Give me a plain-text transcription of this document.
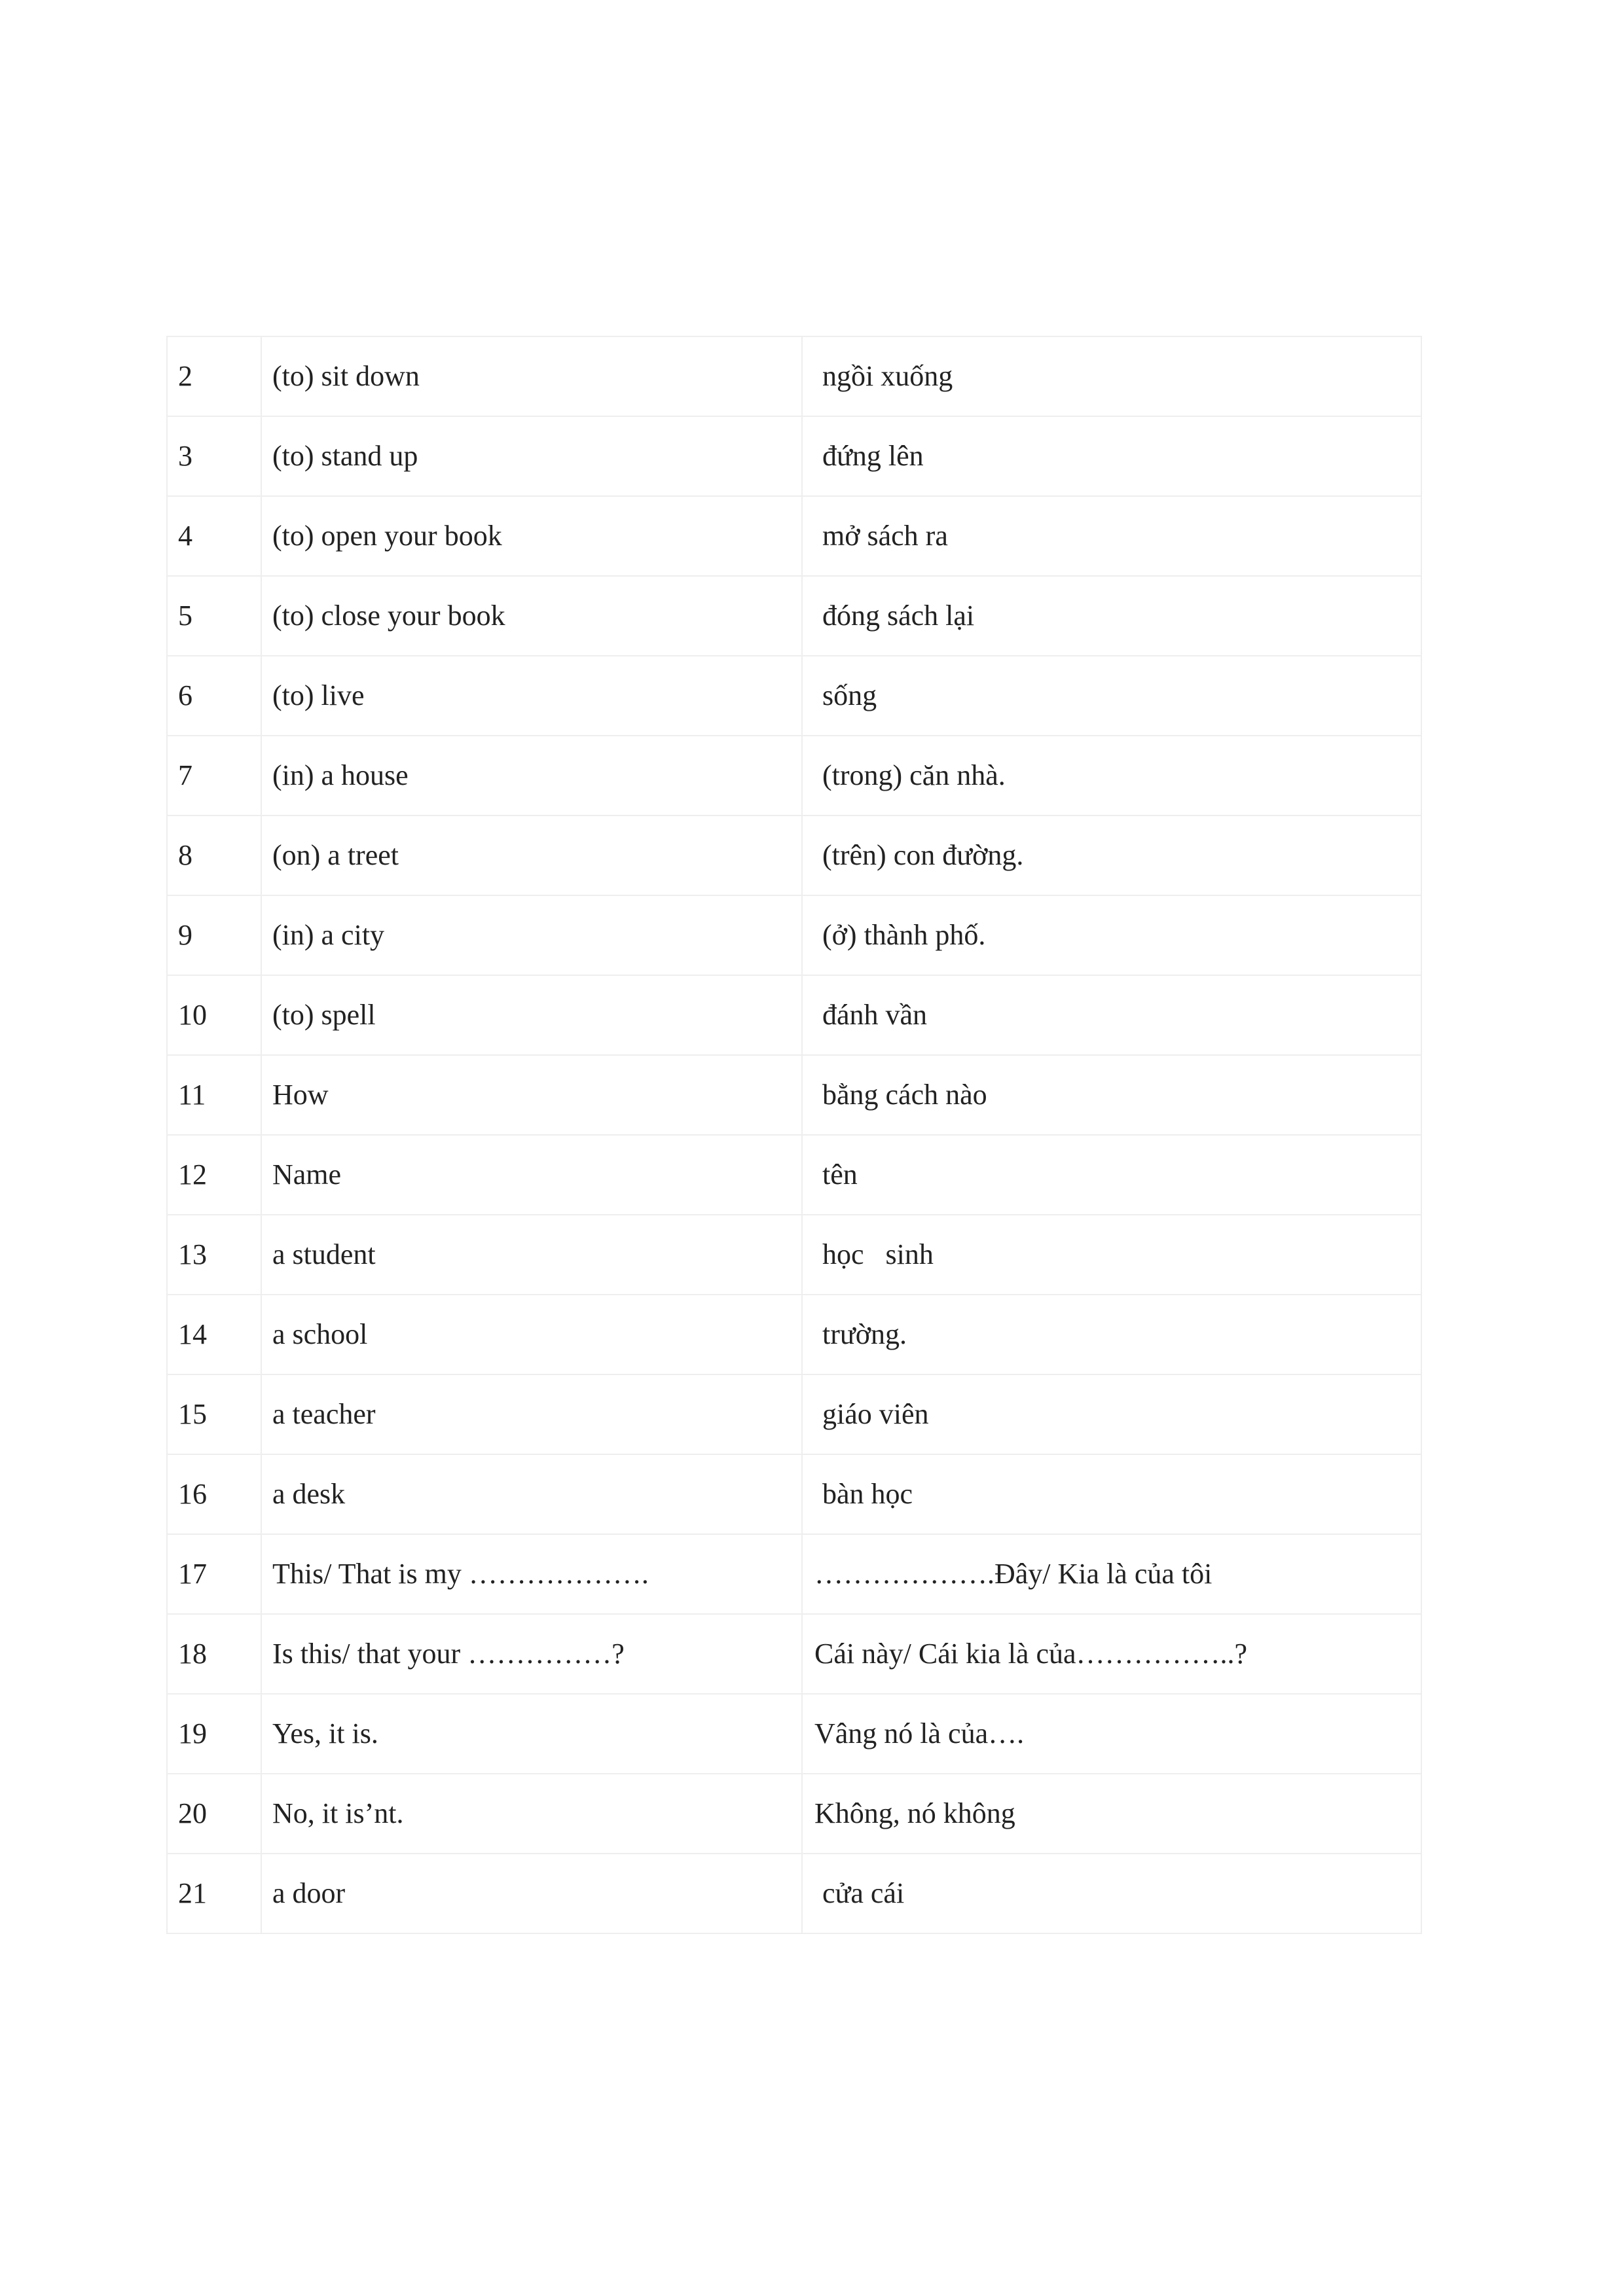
2	(to) sit down	ngồi xuống
3	(to) stand up	đứng lên
4	(to) open your book	mở sách ra
5	(to) close your book	đóng sách lại
6	(to) live	sống
7	(in) a house	(trong) căn nhà.
8	(on) a treet	(trên) con đường.
9	(in) a city	(ở) thành phố.
10	(to) spell	đánh vần
11	How	bằng cách nào
12	Name	tên
13	a student	học   sinh
14	a school	trường.
15	a teacher	giáo viên
16	a desk	bàn học
17	This/ That is my ……………….	……………….Đây/ Kia là của tôi
18	Is this/ that your ……………?	Cái này/ Cái kia là của……………..?
19	Yes, it is.	Vâng nó là của….
20	No, it is’nt.	Không, nó không
21	a door	cửa cái
